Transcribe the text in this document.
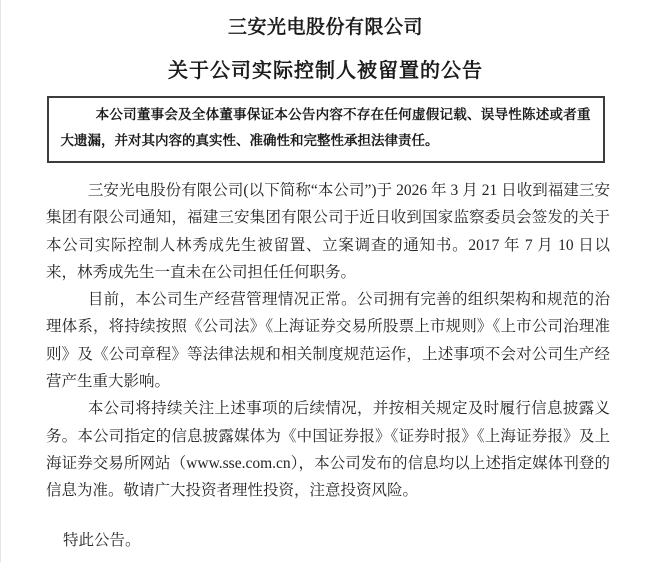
三安光电股份有限公司
关于公司实际控制人被留置的公告

本公司董事会及全体董事保证本公告内容不存在任何虚假记载、误导性陈述或者重大遗漏，并对其内容的真实性、准确性和完整性承担法律责任。

三安光电股份有限公司(以下简称“本公司”)于 2026 年 3 月 21 日收到福建三安集团有限公司通知，福建三安集团有限公司于近日收到国家监察委员会签发的关于本公司实际控制人林秀成先生被留置、立案调查的通知书。2017 年 7 月 10 日以来，林秀成先生一直未在公司担任任何职务。

目前，本公司生产经营管理情况正常。公司拥有完善的组织架构和规范的治理体系，将持续按照《公司法》《上海证券交易所股票上市规则》《上市公司治理准则》及《公司章程》等法律法规和相关制度规范运作，上述事项不会对公司生产经营产生重大影响。

本公司将持续关注上述事项的后续情况，并按相关规定及时履行信息披露义务。本公司指定的信息披露媒体为《中国证券报》《证券时报》《上海证券报》及上海证券交易所网站（www.sse.com.cn），本公司发布的信息均以上述指定媒体刊登的信息为准。敬请广大投资者理性投资，注意投资风险。

特此公告。
